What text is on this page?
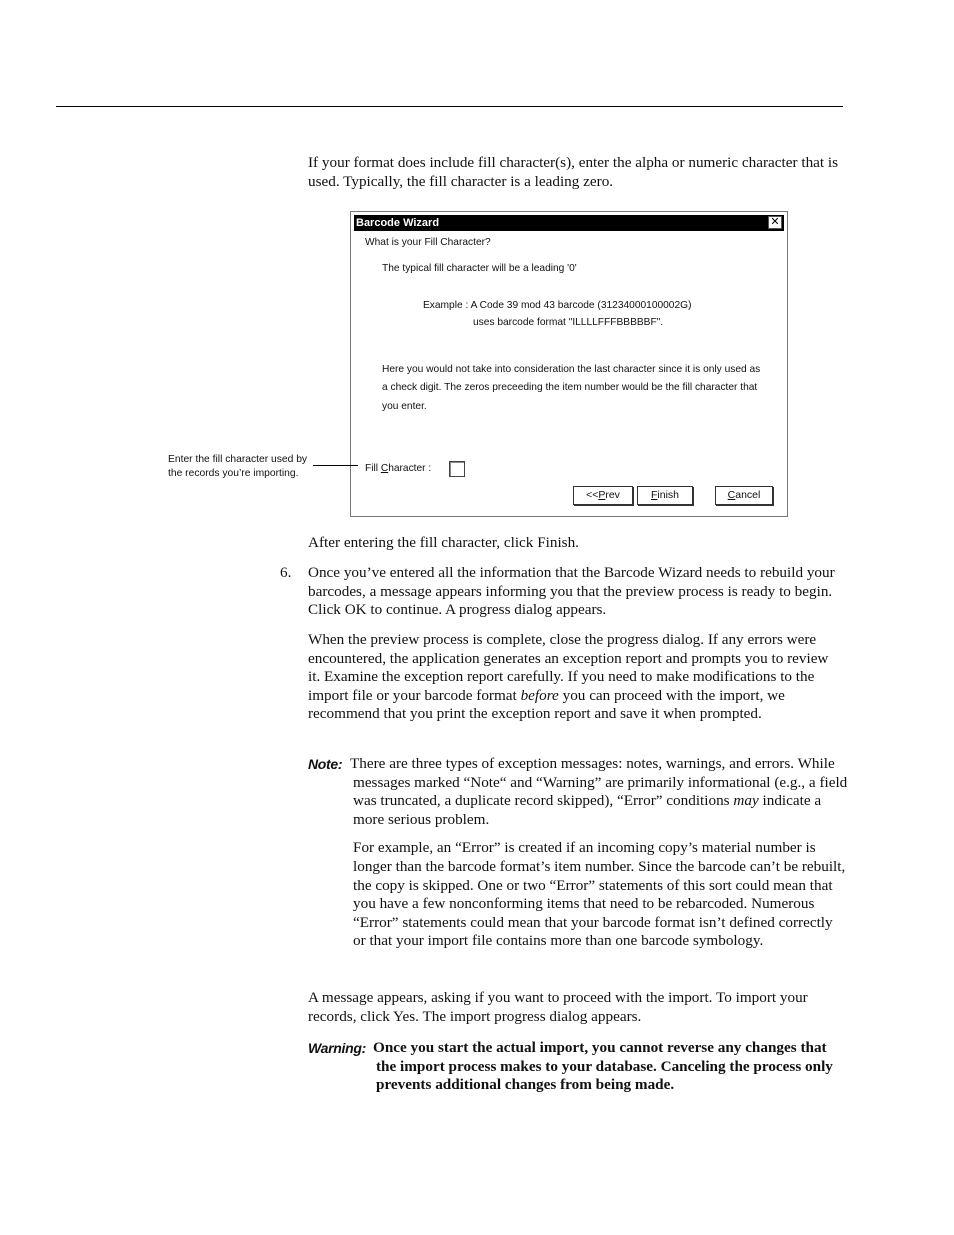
If your format does include fill character(s), enter the alpha or numeric character that is used. Typically, the fill character is a leading zero.

Barcode Wizard	✕
What is your Fill Character?
The typical fill character will be a leading '0'
Example : A Code 39 mod 43 barcode (31234000100002G)
uses barcode format "ILLLLFFFBBBBBF".
Here you would not take into consideration the last character since it is only used as
a check digit. The zeros preceeding the item number would be the fill character that
you enter.
Fill Character :
<<Prev	Finish	Cancel
Enter the fill character used by the records you’re importing.

After entering the fill character, click Finish.

6. Once you’ve entered all the information that the Barcode Wizard needs to rebuild your barcodes, a message appears informing you that the preview process is ready to begin. Click OK to continue. A progress dialog appears.

When the preview process is complete, close the progress dialog. If any errors were encountered, the application generates an exception report and prompts you to review it. Examine the exception report carefully. If you need to make modifications to the import file or your barcode format before you can proceed with the import, we recommend that you print the exception report and save it when prompted.

Note: There are three types of exception messages: notes, warnings, and errors. While messages marked “Note“ and “Warning” are primarily informational (e.g., a field was truncated, a duplicate record skipped), “Error” conditions may indicate a more serious problem.

For example, an “Error” is created if an incoming copy’s material number is longer than the barcode format’s item number. Since the barcode can’t be rebuilt, the copy is skipped. One or two “Error” statements of this sort could mean that you have a few nonconforming items that need to be rebarcoded. Numerous “Error” statements could mean that your barcode format isn’t defined correctly or that your import file contains more than one barcode symbology.

A message appears, asking if you want to proceed with the import. To import your records, click Yes. The import progress dialog appears.

Warning: Once you start the actual import, you cannot reverse any changes that the import process makes to your database. Canceling the process only prevents additional changes from being made.
